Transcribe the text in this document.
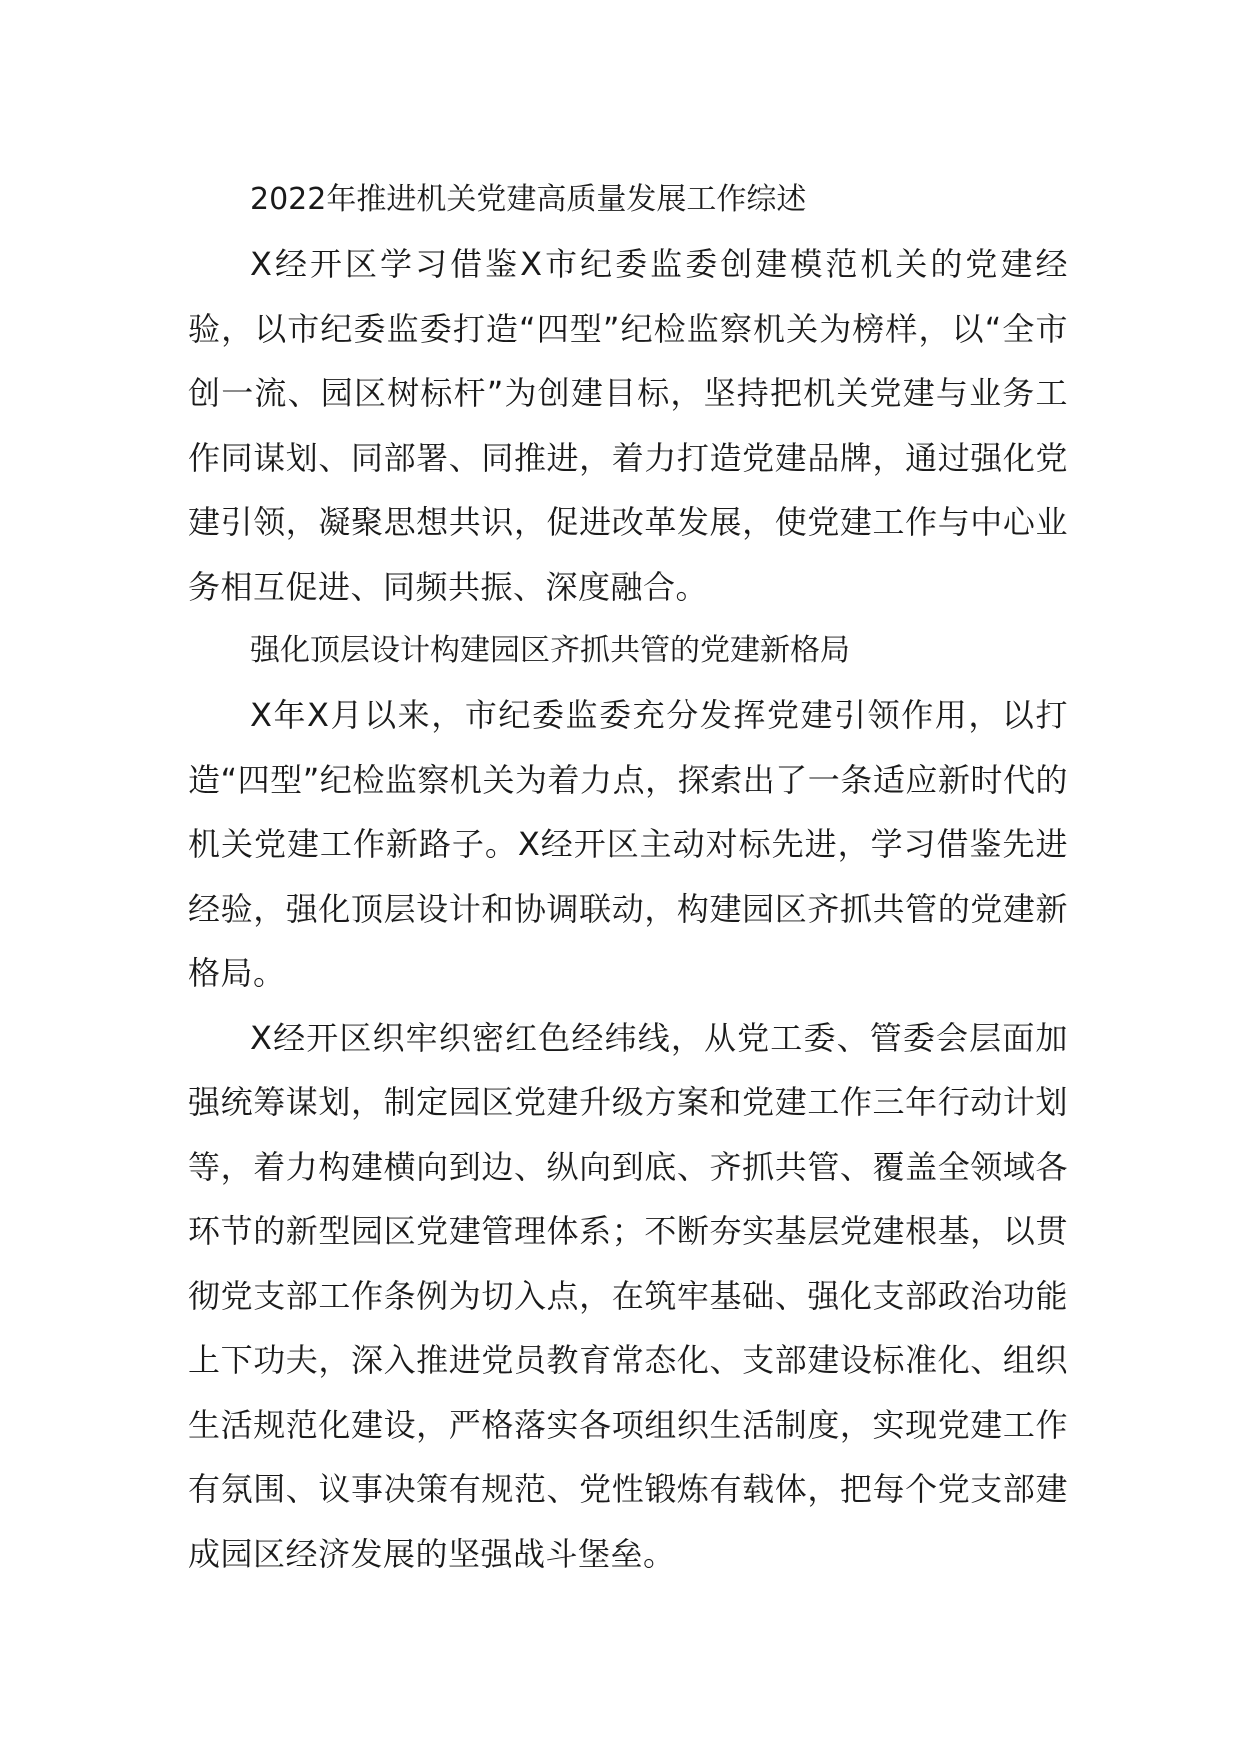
2022年推进机关党建高质量发展工作综述

X经开区学习借鉴X市纪委监委创建模范机关的党建经验，以市纪委监委打造“四型”纪检监察机关为榜样，以“全市创一流、园区树标杆”为创建目标，坚持把机关党建与业务工作同谋划、同部署、同推进，着力打造党建品牌，通过强化党建引领，凝聚思想共识，促进改革发展，使党建工作与中心业务相互促进、同频共振、深度融合。

强化顶层设计构建园区齐抓共管的党建新格局

X年X月以来，市纪委监委充分发挥党建引领作用，以打造“四型”纪检监察机关为着力点，探索出了一条适应新时代的机关党建工作新路子。X经开区主动对标先进，学习借鉴先进经验，强化顶层设计和协调联动，构建园区齐抓共管的党建新格局。

X经开区织牢织密红色经纬线，从党工委、管委会层面加强统筹谋划，制定园区党建升级方案和党建工作三年行动计划等，着力构建横向到边、纵向到底、齐抓共管、覆盖全领域各环节的新型园区党建管理体系；不断夯实基层党建根基，以贯彻党支部工作条例为切入点，在筑牢基础、强化支部政治功能上下功夫，深入推进党员教育常态化、支部建设标准化、组织生活规范化建设，严格落实各项组织生活制度，实现党建工作有氛围、议事决策有规范、党性锻炼有载体，把每个党支部建成园区经济发展的坚强战斗堡垒。
